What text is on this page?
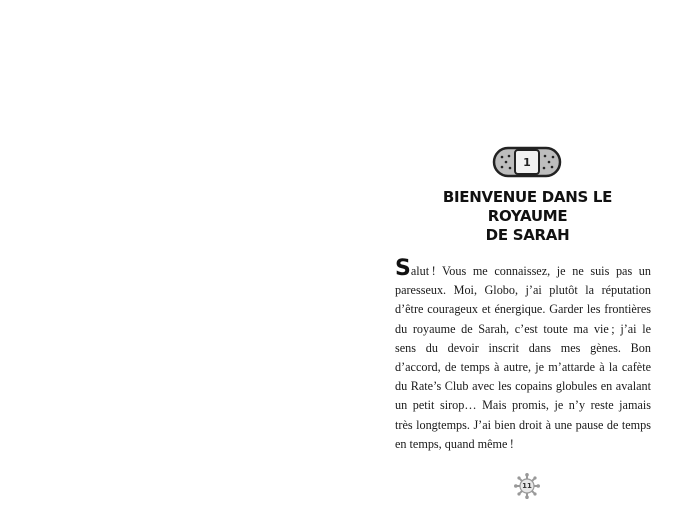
1
BIENVENUE DANS LE ROYAUME
DE SARAH

Salut ! Vous me connaissez, je ne suis pas un paresseux. Moi, Globo, j’ai plutôt la réputation d’être courageux et énergique. Garder les frontières du royaume de Sarah, c’est toute ma vie ; j’ai le sens du devoir inscrit dans mes gènes. Bon d’accord, de temps à autre, je m’attarde à la cafète du Rate’s Club avec les copains globules en avalant un petit sirop… Mais promis, je n’y reste jamais très longtemps. J’ai bien droit à une pause de temps en temps, quand même !

11
